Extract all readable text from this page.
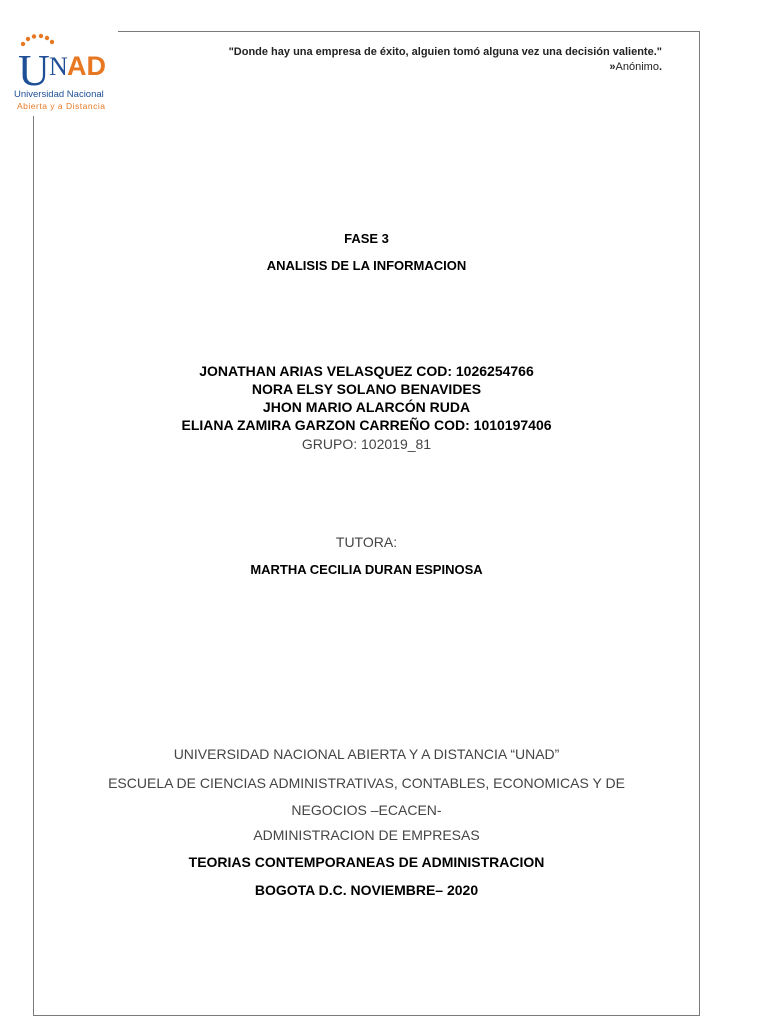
U N AD
Universidad Nacional
Abierta y a Distancia
"Donde hay una empresa de éxito, alguien tomó alguna vez una decisión valiente."
»Anónimo.
FASE 3
ANALISIS DE LA INFORMACION
JONATHAN ARIAS VELASQUEZ COD: 1026254766
NORA ELSY SOLANO BENAVIDES
JHON MARIO ALARCÓN RUDA
ELIANA ZAMIRA GARZON CARREÑO COD: 1010197406
GRUPO: 102019_81
TUTORA:
MARTHA CECILIA DURAN ESPINOSA
UNIVERSIDAD NACIONAL ABIERTA Y A DISTANCIA “UNAD”
ESCUELA DE CIENCIAS ADMINISTRATIVAS, CONTABLES, ECONOMICAS Y DE
NEGOCIOS –ECACEN-
ADMINISTRACION DE EMPRESAS
TEORIAS CONTEMPORANEAS DE ADMINISTRACION
BOGOTA D.C. NOVIEMBRE– 2020
